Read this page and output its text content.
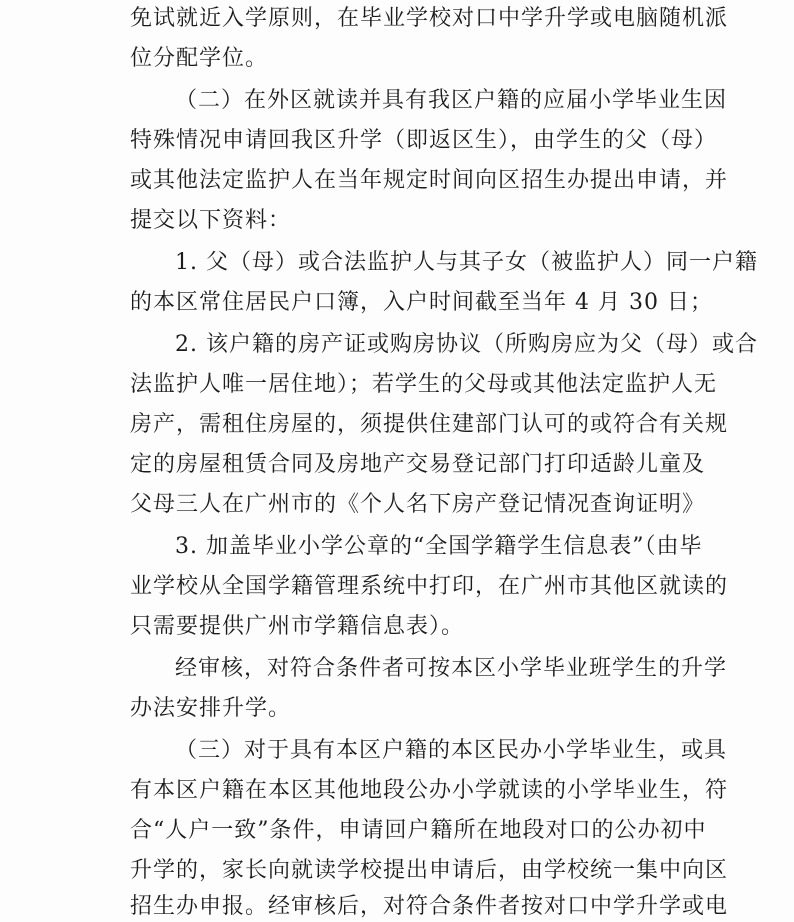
免试就近入学原则，在毕业学校对口中学升学或电脑随机派
位分配学位。
（二）在外区就读并具有我区户籍的应届小学毕业生因
特殊情况申请回我区升学（即返区生），由学生的父（母）
或其他法定监护人在当年规定时间向区招生办提出申请，并
提交以下资料：
1. 父（母）或合法监护人与其子女（被监护人）同一户籍
的本区常住居民户口簿，入户时间截至当年 4 月 30 日；
2. 该户籍的房产证或购房协议（所购房应为父（母）或合
法监护人唯一居住地）；若学生的父母或其他法定监护人无
房产，需租住房屋的，须提供住建部门认可的或符合有关规
定的房屋租赁合同及房地产交易登记部门打印适龄儿童及
父母三人在广州市的《个人名下房产登记情况查询证明》
3. 加盖毕业小学公章的“全国学籍学生信息表”（由毕
业学校从全国学籍管理系统中打印，在广州市其他区就读的
只需要提供广州市学籍信息表）。
经审核，对符合条件者可按本区小学毕业班学生的升学
办法安排升学。
（三）对于具有本区户籍的本区民办小学毕业生，或具
有本区户籍在本区其他地段公办小学就读的小学毕业生，符
合“人户一致”条件，申请回户籍所在地段对口的公办初中
升学的，家长向就读学校提出申请后，由学校统一集中向区
招生办申报。经审核后，对符合条件者按对口中学升学或电
